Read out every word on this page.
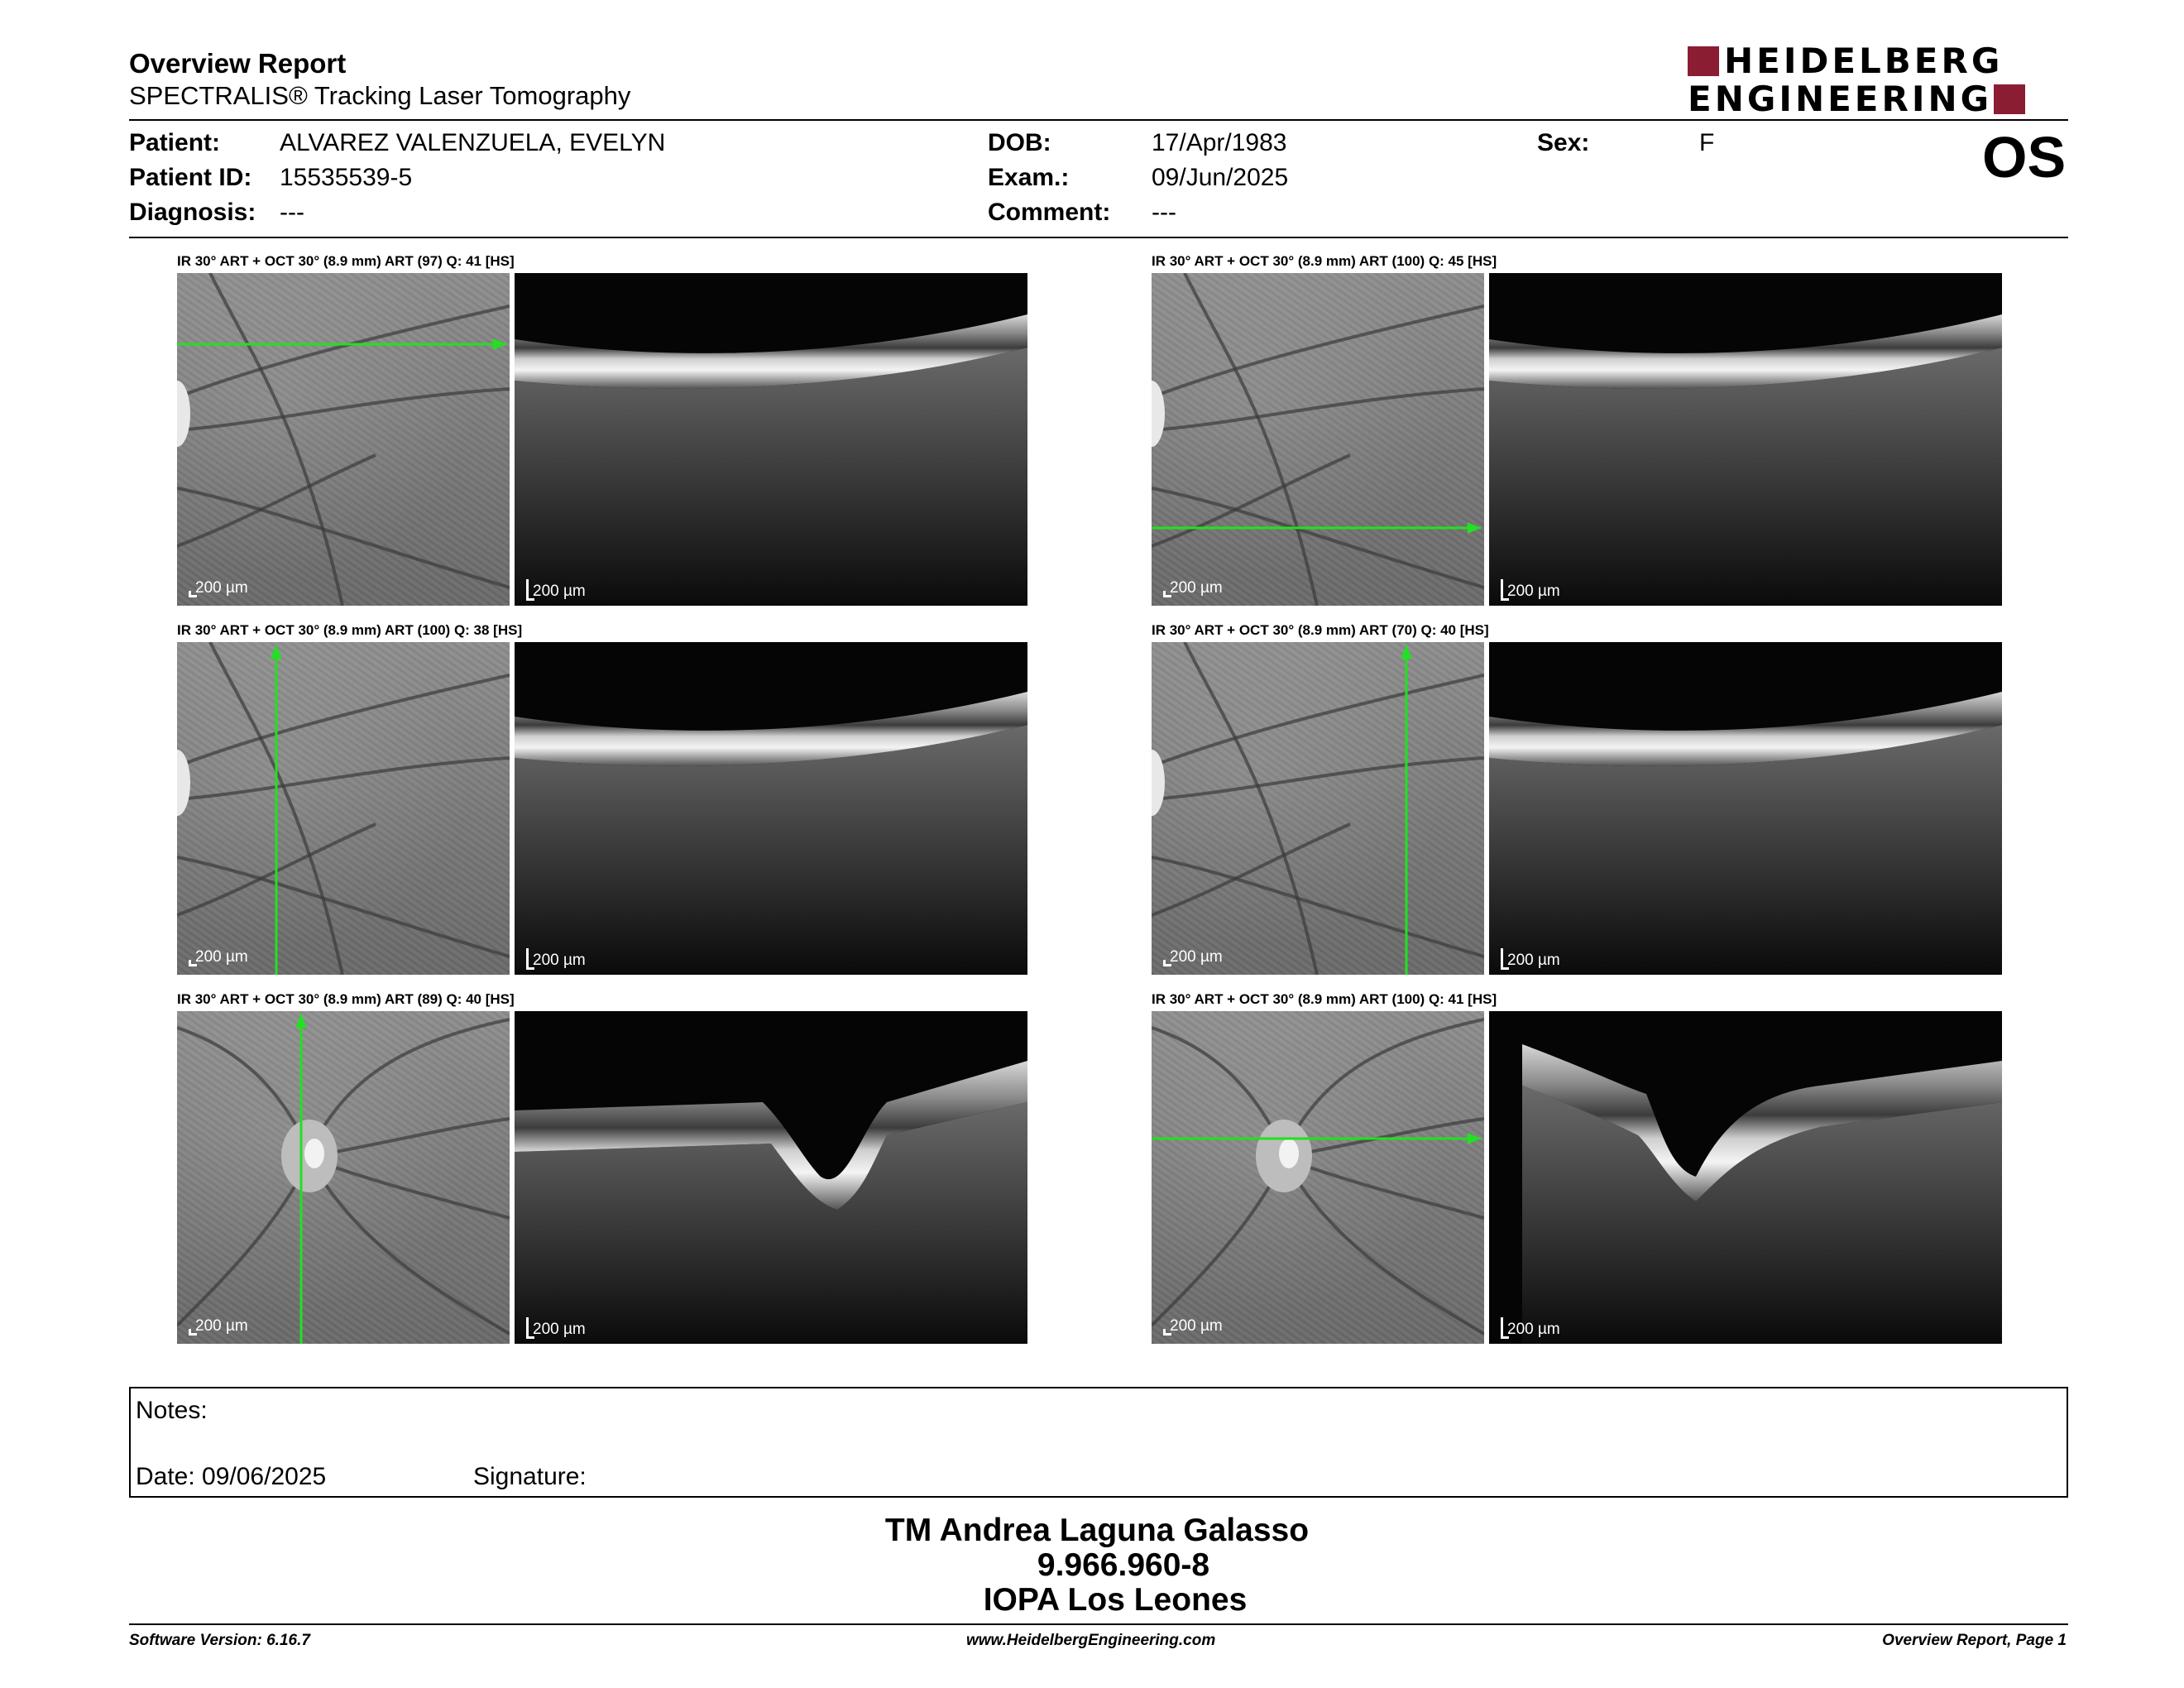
Overview Report
SPECTRALIS® Tracking Laser Tomography
HEIDELBERG
ENGINEERING
Patient: ALVAREZ VALENZUELA, EVELYN
Patient ID: 15535539-5
Diagnosis: ---
DOB:	17/Apr/1983
Exam.:	09/Jun/2025
Comment: ---
Sex:	F	OS
IR 30° ART + OCT 30° (8.9 mm) ART (97) Q: 41 [HS]
200 µm	200 µm
IR 30° ART + OCT 30° (8.9 mm) ART (100) Q: 45 [HS]
200 µm	200 µm
IR 30° ART + OCT 30° (8.9 mm) ART (100) Q: 38 [HS]
200 µm	200 µm
IR 30° ART + OCT 30° (8.9 mm) ART (70) Q: 40 [HS]
200 µm	200 µm
IR 30° ART + OCT 30° (8.9 mm) ART (89) Q: 40 [HS]
200 µm	200 µm
IR 30° ART + OCT 30° (8.9 mm) ART (100) Q: 41 [HS]
200 µm	200 µm
Notes:
Date: 09/06/2025	Signature:
TM Andrea Laguna Galasso
9.966.960-8
IOPA Los Leones
Software Version: 6.16.7	www.HeidelbergEngineering.com	Overview Report, Page 1
